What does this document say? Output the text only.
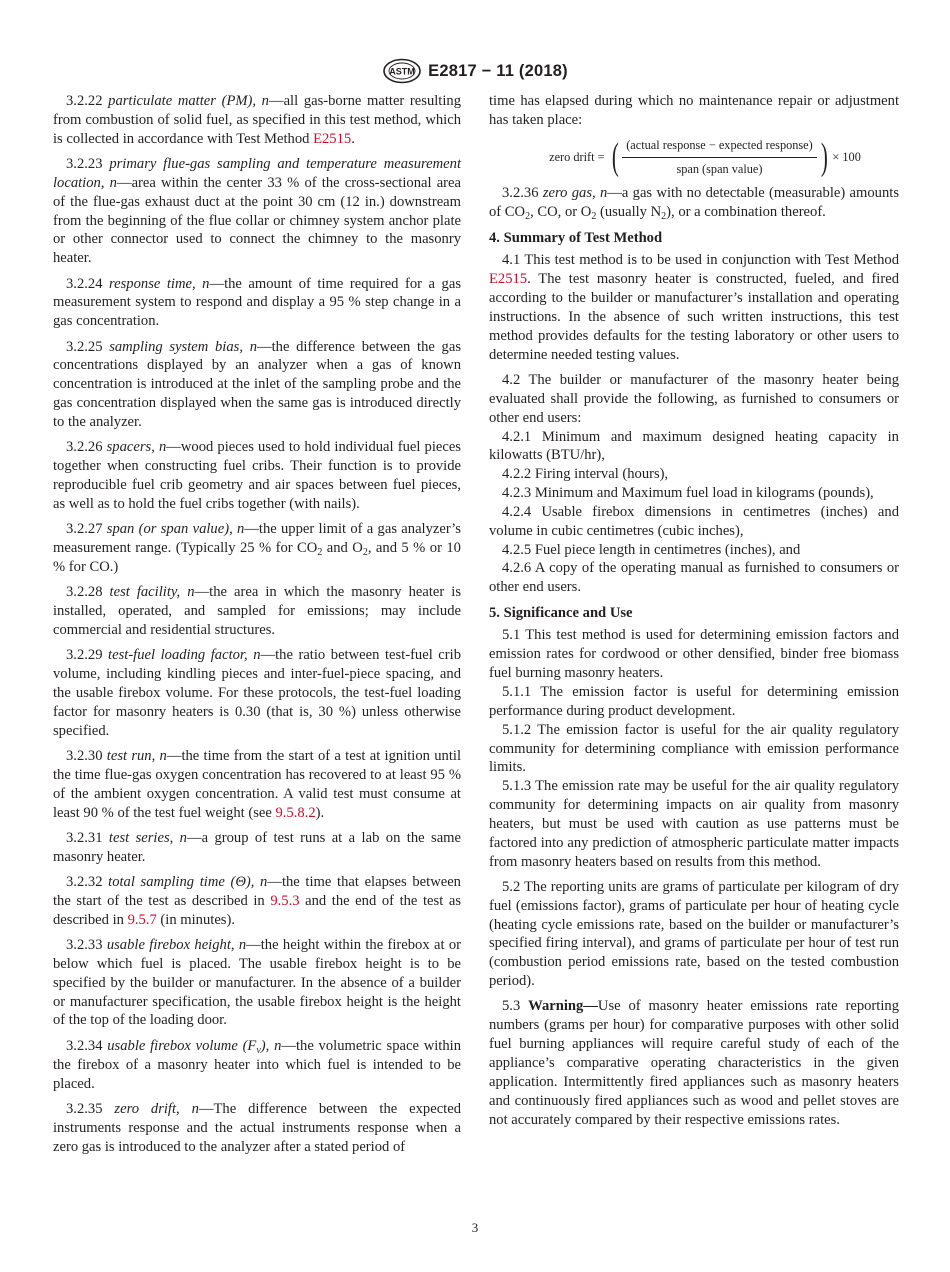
ASTM E2817 − 11 (2018)

3.2.22 particulate matter (PM), n—all gas-borne matter resulting from combustion of solid fuel, as specified in this test method, which is collected in accordance with Test Method E2515.

3.2.23 primary flue-gas sampling and temperature measurement location, n—area within the center 33 % of the cross-sectional area of the flue-gas exhaust duct at the point 30 cm (12 in.) downstream from the beginning of the flue collar or chimney system anchor plate or other connector used to connect the chimney to the masonry heater.

3.2.24 response time, n—the amount of time required for a gas measurement system to respond and display a 95 % step change in a gas concentration.

3.2.25 sampling system bias, n—the difference between the gas concentrations displayed by an analyzer when a gas of known concentration is introduced at the inlet of the sampling probe and the gas concentration displayed when the same gas is introduced directly to the analyzer.

3.2.26 spacers, n—wood pieces used to hold individual fuel pieces together when constructing fuel cribs. Their function is to provide reproducible fuel crib geometry and air spaces between fuel pieces, as well as to hold the fuel cribs together (with nails).

3.2.27 span (or span value), n—the upper limit of a gas analyzer’s measurement range. (Typically 25 % for $CO_2$ and $O_2$, and 5 % or 10 % for CO.)

3.2.28 test facility, n—the area in which the masonry heater is installed, operated, and sampled for emissions; may include commercial and residential structures.

3.2.29 test-fuel loading factor, n—the ratio between test-fuel crib volume, including kindling pieces and inter-fuel-piece spacing, and the usable firebox volume. For these protocols, the test-fuel loading factor for masonry heaters is 0.30 (that is, 30 %) unless otherwise specified.

3.2.30 test run, n—the time from the start of a test at ignition until the time flue-gas oxygen concentration has recovered to at least 95 % of the ambient oxygen concentration. A valid test must consume at least 90 % of the test fuel weight (see 9.5.8.2).

3.2.31 test series, n—a group of test runs at a lab on the same masonry heater.

3.2.32 total sampling time (Θ), n—the time that elapses between the start of the test as described in 9.5.3 and the end of the test as described in 9.5.7 (in minutes).

3.2.33 usable firebox height, n—the height within the firebox at or below which fuel is placed. The usable firebox height is to be specified by the builder or manufacturer. In the absence of a builder or manufacturer specification, the usable firebox height is the height of the top of the loading door.

3.2.34 usable firebox volume $(F_v)$, n—the volumetric space within the firebox of a masonry heater into which fuel is intended to be placed.

3.2.35 zero drift, n—The difference between the expected instruments response and the actual instruments response when a zero gas is introduced to the analyzer after a stated period of

time has elapsed during which no maintenance repair or adjustment has taken place:

zero drift = ( $\frac{\text{(actual response − expected response)}}{\text{span (span value)}}$ ) × 100

3.2.36 zero gas, n—a gas with no detectable (measurable) amounts of $CO_2$, CO, or $O_2$ (usually $N_2$), or a combination thereof.

4. Summary of Test Method

4.1 This test method is to be used in conjunction with Test Method E2515. The test masonry heater is constructed, fueled, and fired according to the builder or manufacturer’s installation and operating instructions. In the absence of such written instructions, this test method provides defaults for the testing laboratory or other users to determine needed testing values.

4.2 The builder or manufacturer of the masonry heater being evaluated shall provide the following, as furnished to consumers or other end users:

4.2.1 Minimum and maximum designed heating capacity in kilowatts (BTU/hr),

4.2.2 Firing interval (hours),

4.2.3 Minimum and Maximum fuel load in kilograms (pounds),

4.2.4 Usable firebox dimensions in centimetres (inches) and volume in cubic centimetres (cubic inches),

4.2.5 Fuel piece length in centimetres (inches), and

4.2.6 A copy of the operating manual as furnished to consumers or other end users.

5. Significance and Use

5.1 This test method is used for determining emission factors and emission rates for cordwood or other densified, binder free biomass fuel burning masonry heaters.

5.1.1 The emission factor is useful for determining emission performance during product development.

5.1.2 The emission factor is useful for the air quality regulatory community for determining compliance with emission performance limits.

5.1.3 The emission rate may be useful for the air quality regulatory community for determining impacts on air quality from masonry heaters, but must be used with caution as use patterns must be factored into any prediction of atmospheric particulate matter impacts from masonry heaters based on results from this method.

5.2 The reporting units are grams of particulate per kilogram of dry fuel (emissions factor), grams of particulate per hour of heating cycle (heating cycle emissions rate, based on the builder or manufacturer’s specified firing interval), and grams of particulate per hour of test run (combustion period emissions rate, based on the tested combustion period).

5.3 Warning—Use of masonry heater emissions rate reporting numbers (grams per hour) for comparative purposes with other solid fuel burning appliances will require careful study of each of the appliance’s comparative operating characteristics in the given application. Intermittently fired appliances such as masonry heaters and continuously fired appliances such as wood and pellet stoves are not accurately compared by their respective emissions rates.

3
